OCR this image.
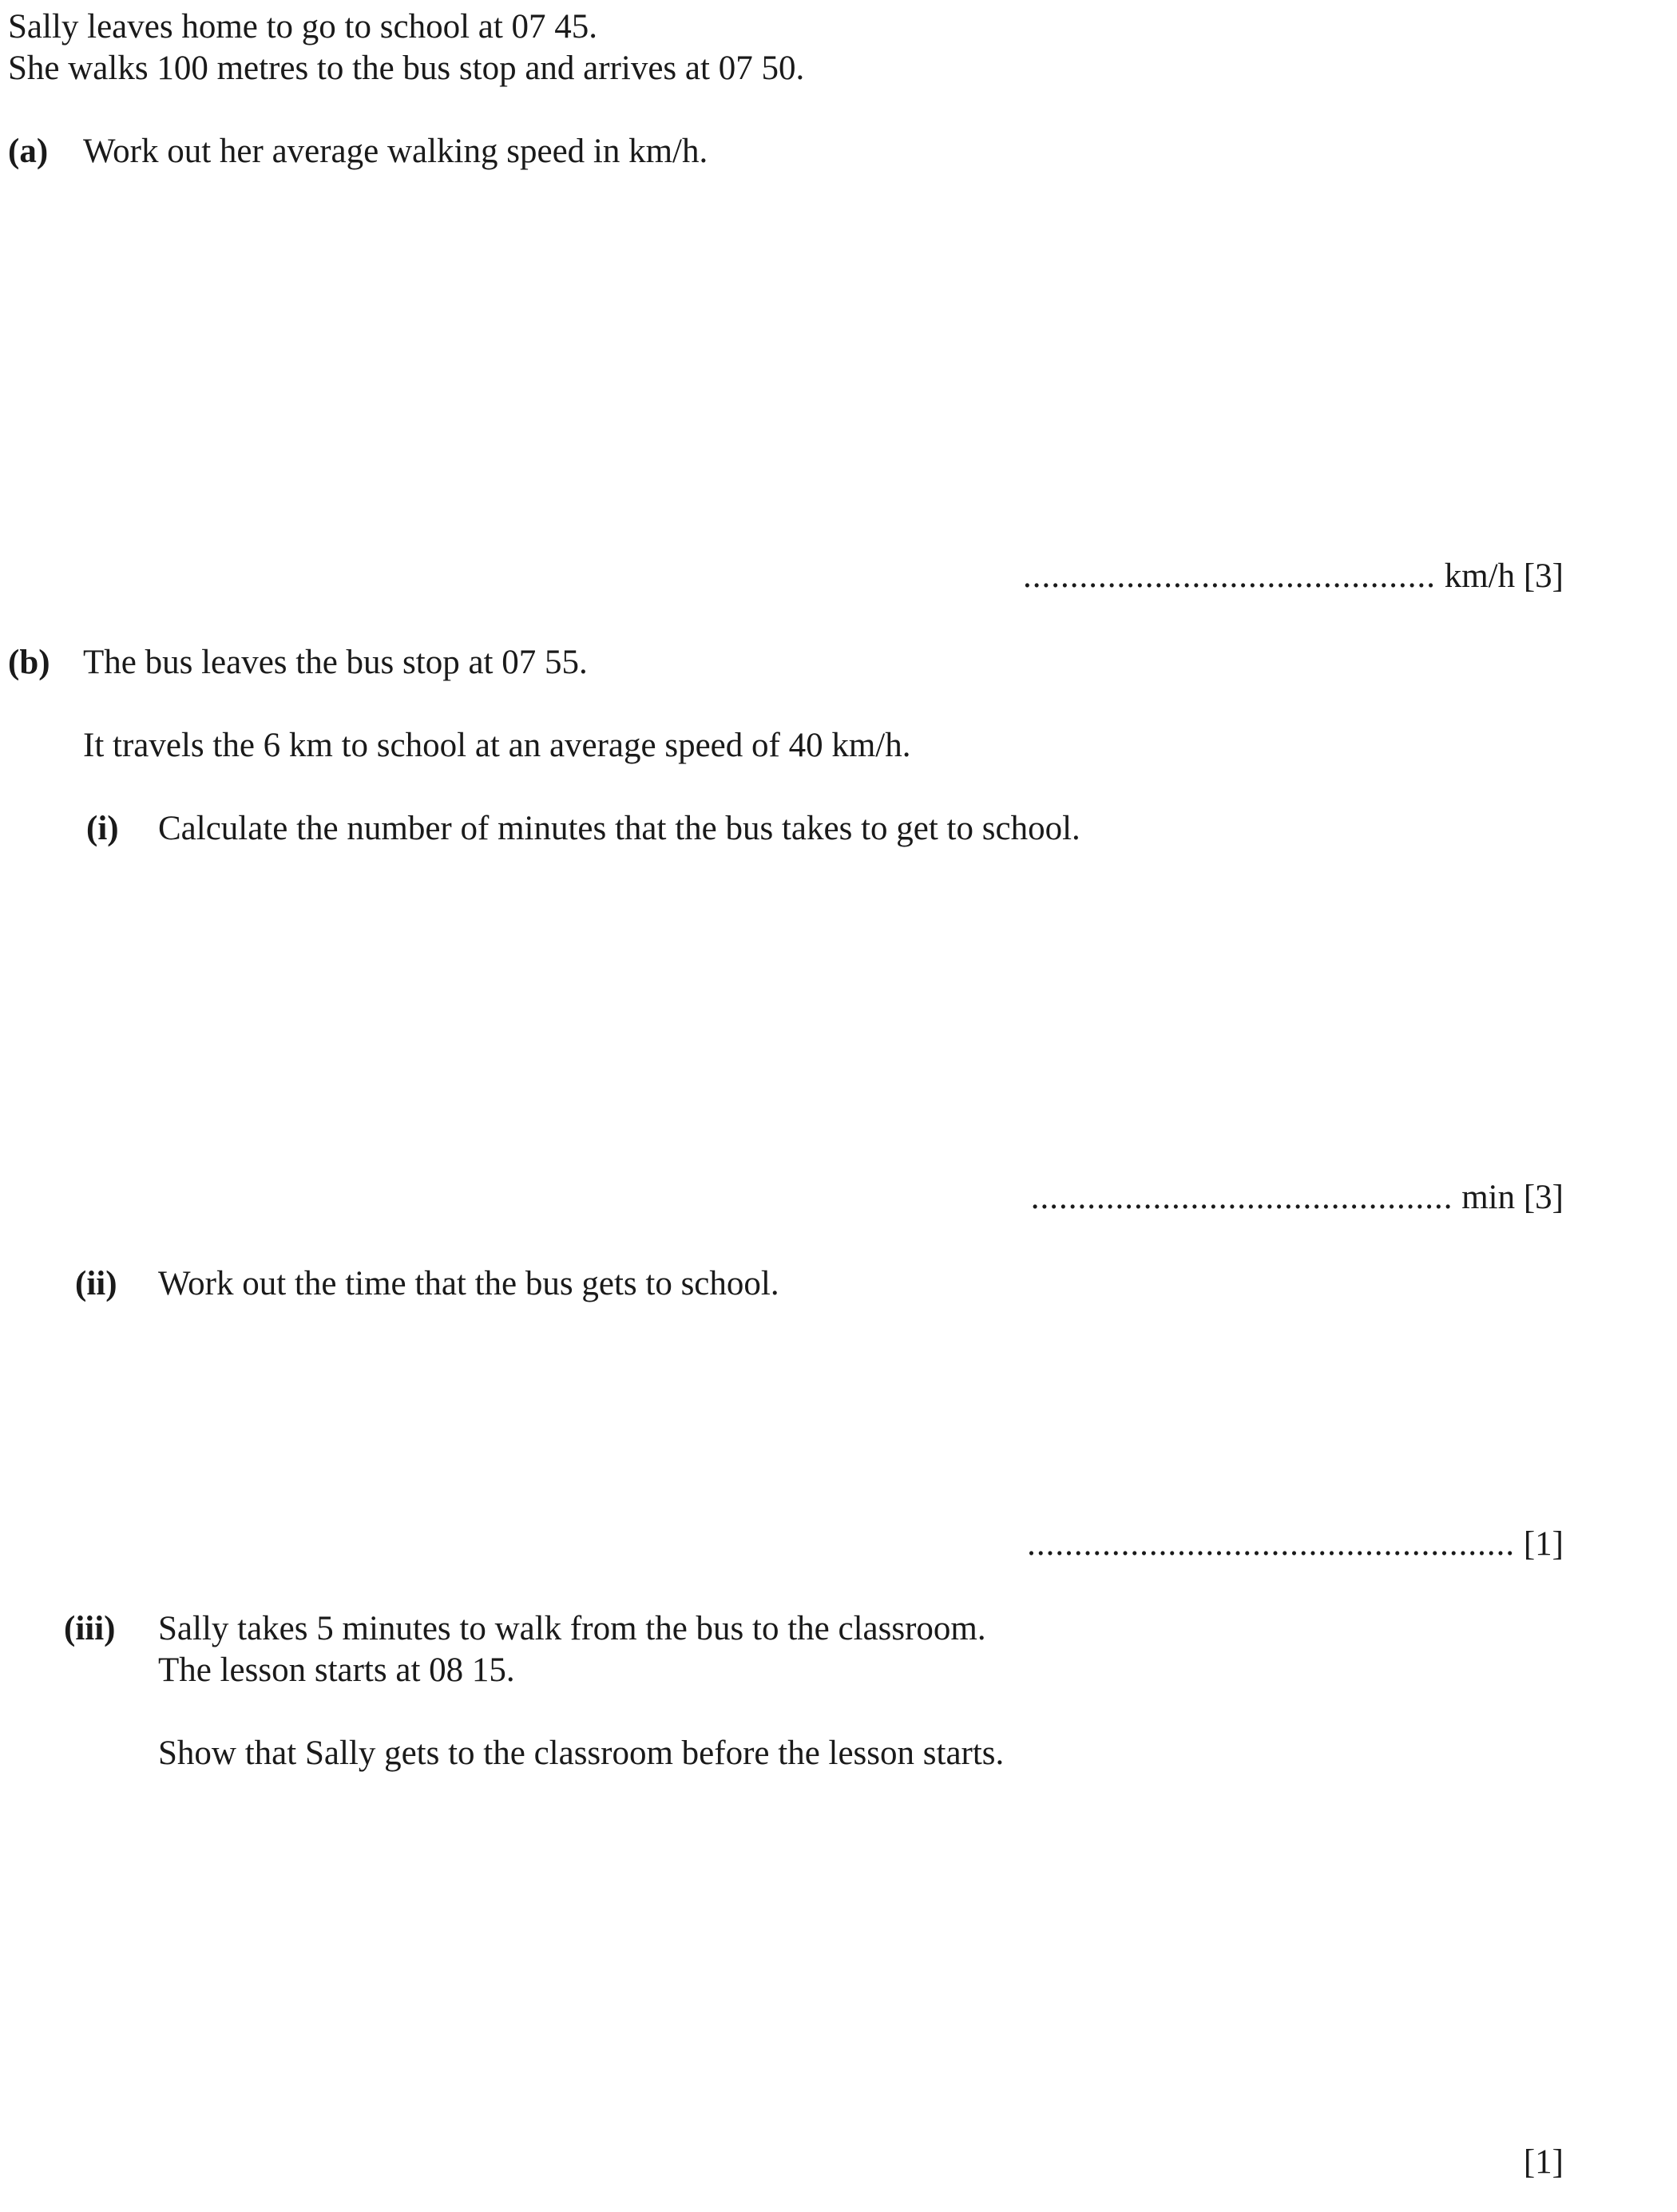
Sally leaves home to go to school at 07 45.
She walks 100 metres to the bus stop and arrives at 07 50.
(a) Work out her average walking speed in km/h.
............................................ km/h [3]
(b) The bus leaves the bus stop at 07 55.
It travels the 6 km to school at an average speed of 40 km/h.
(i) Calculate the number of minutes that the bus takes to get to school.
............................................. min [3]
(ii) Work out the time that the bus gets to school.
.................................................... [1]
(iii) Sally takes 5 minutes to walk from the bus to the classroom.
The lesson starts at 08 15.
Show that Sally gets to the classroom before the lesson starts.
[1]
